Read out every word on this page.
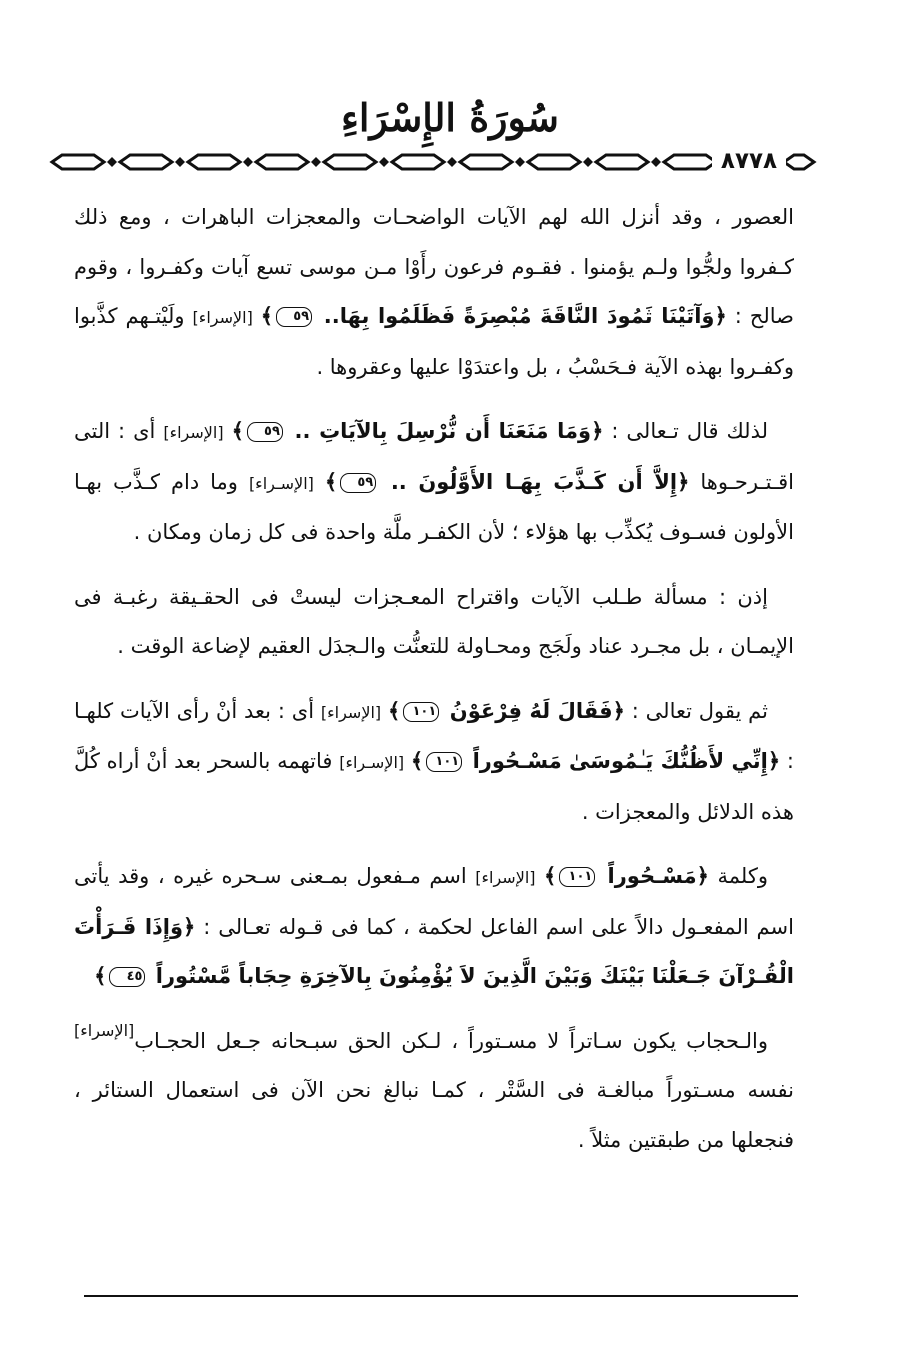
سُورَةُ الإِسْرَاءِ
٨٧٧٨

العصور ، وقد أنزل الله لهم الآيات الواضحـات والمعجزات الباهرات ، ومع ذلك كـفروا ولجُّوا ولـم يؤمنوا . فقـوم فرعون رأَوْا مـن موسى تسع آيات وكفـروا ، وقوم صالح : ﴿وَآتَيْنَا ثَمُودَ النَّاقَةَ مُبْصِرَةً فَظَلَمُوا بِهَا.. ٥٩﴾ [الإسراء] ولَيْتـهم كذَّبوا وكفـروا بهذه الآية فـحَسْبُ ، بل واعتدَوْا عليها وعقروها .

لذلك قال تـعالى : ﴿وَمَا مَنَعَنَا أَن نُّرْسِلَ بِالآيَاتِ .. ٥٩﴾ [الإسراء] أى : التى اقـتـرحـوها ﴿إِلاَّ أَن كَـذَّبَ بِهَـا الأَوَّلُونَ .. ٥٩﴾ [الإسـراء] وما دام كـذَّب بهـا الأولون فسـوف يُكذِّب بها هؤلاء ؛ لأن الكفـر ملَّة واحدة فى كل زمان ومكان .

إذن : مسألة طـلب الآيات واقتراح المعـجزات ليستْ فى الحقـيقة رغبـة فى الإيمـان ، بل مجـرد عناد ولَجَج ومحـاولة للتعنُّت والـجدَل العقيم لإضاعة الوقت .

ثم يقول تعالى : ﴿فَقَالَ لَهُ فِرْعَوْنُ ١٠١﴾ [الإسراء] أى : بعد أنْ رأى الآيات كلهـا : ﴿إِنِّي لأَظُنُّكَ يَـٰمُوسَىٰ مَسْـحُوراً ١٠١﴾ [الإسـراء] فاتهمه بالسحر بعد أنْ أراه كُلَّ هذه الدلائل والمعجزات .

وكلمة ﴿مَسْـحُوراً ١٠١﴾ [الإسراء] اسم مـفعول بمـعنى سـحره غيره ، وقد يأتى اسم المفعـول دالاً على اسم الفاعل لحكمة ، كما فى قـوله تعـالى : ﴿وَإِذَا قَـرَأْتَ الْقُـرْآنَ جَـعَلْنَا بَيْنَكَ وَبَيْنَ الَّذِينَ لاَ يُؤْمِنُونَ بِالآخِرَةِ حِجَاباً مَّسْتُوراً ٤٥﴾
[الإسراء] والـحجاب يكون سـاتراً لا مسـتوراً ، لـكن الحق سبـحانه جـعل الحجـاب نفسه مسـتوراً مبالغـة فى السَّتْر ، كمـا نبالغ نحن الآن فى استعمال الستائر ، فنجعلها من طبقتين مثلاً .
